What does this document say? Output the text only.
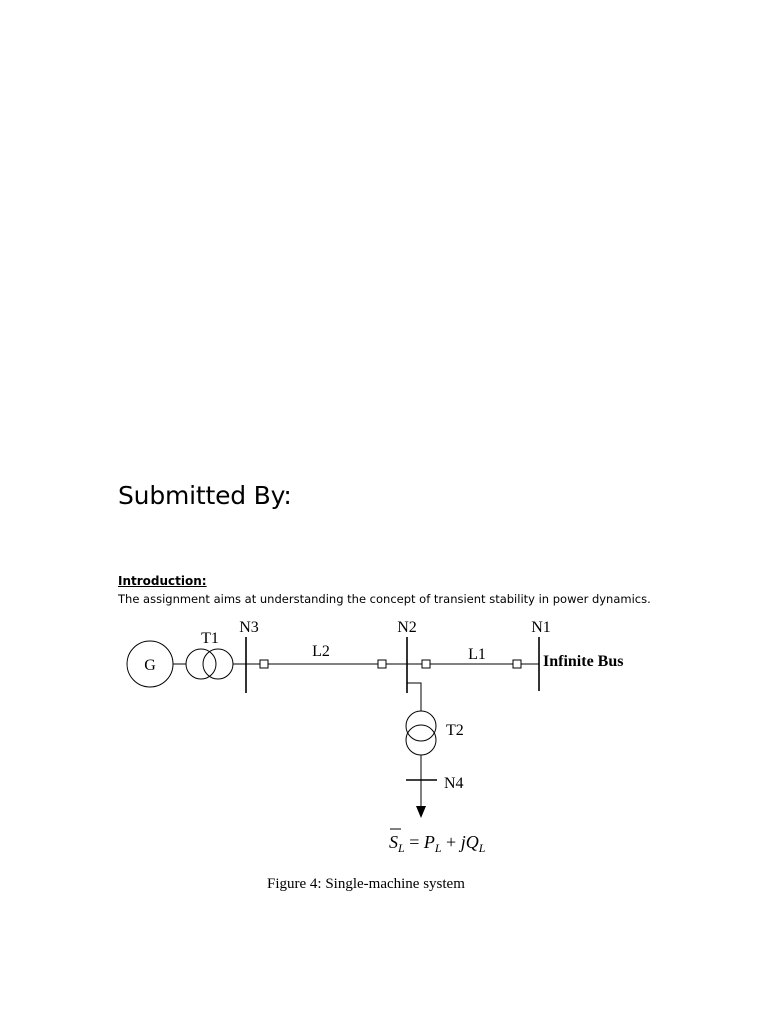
Submitted By:

Introduction:

The assignment aims at understanding the concept of transient stability in power dynamics.

G
T1
N3
L2
N2
L1
N1
Infinite Bus
T2
N4
$S_L = P_L + jQ_L$
Figure 4: Single-machine system
